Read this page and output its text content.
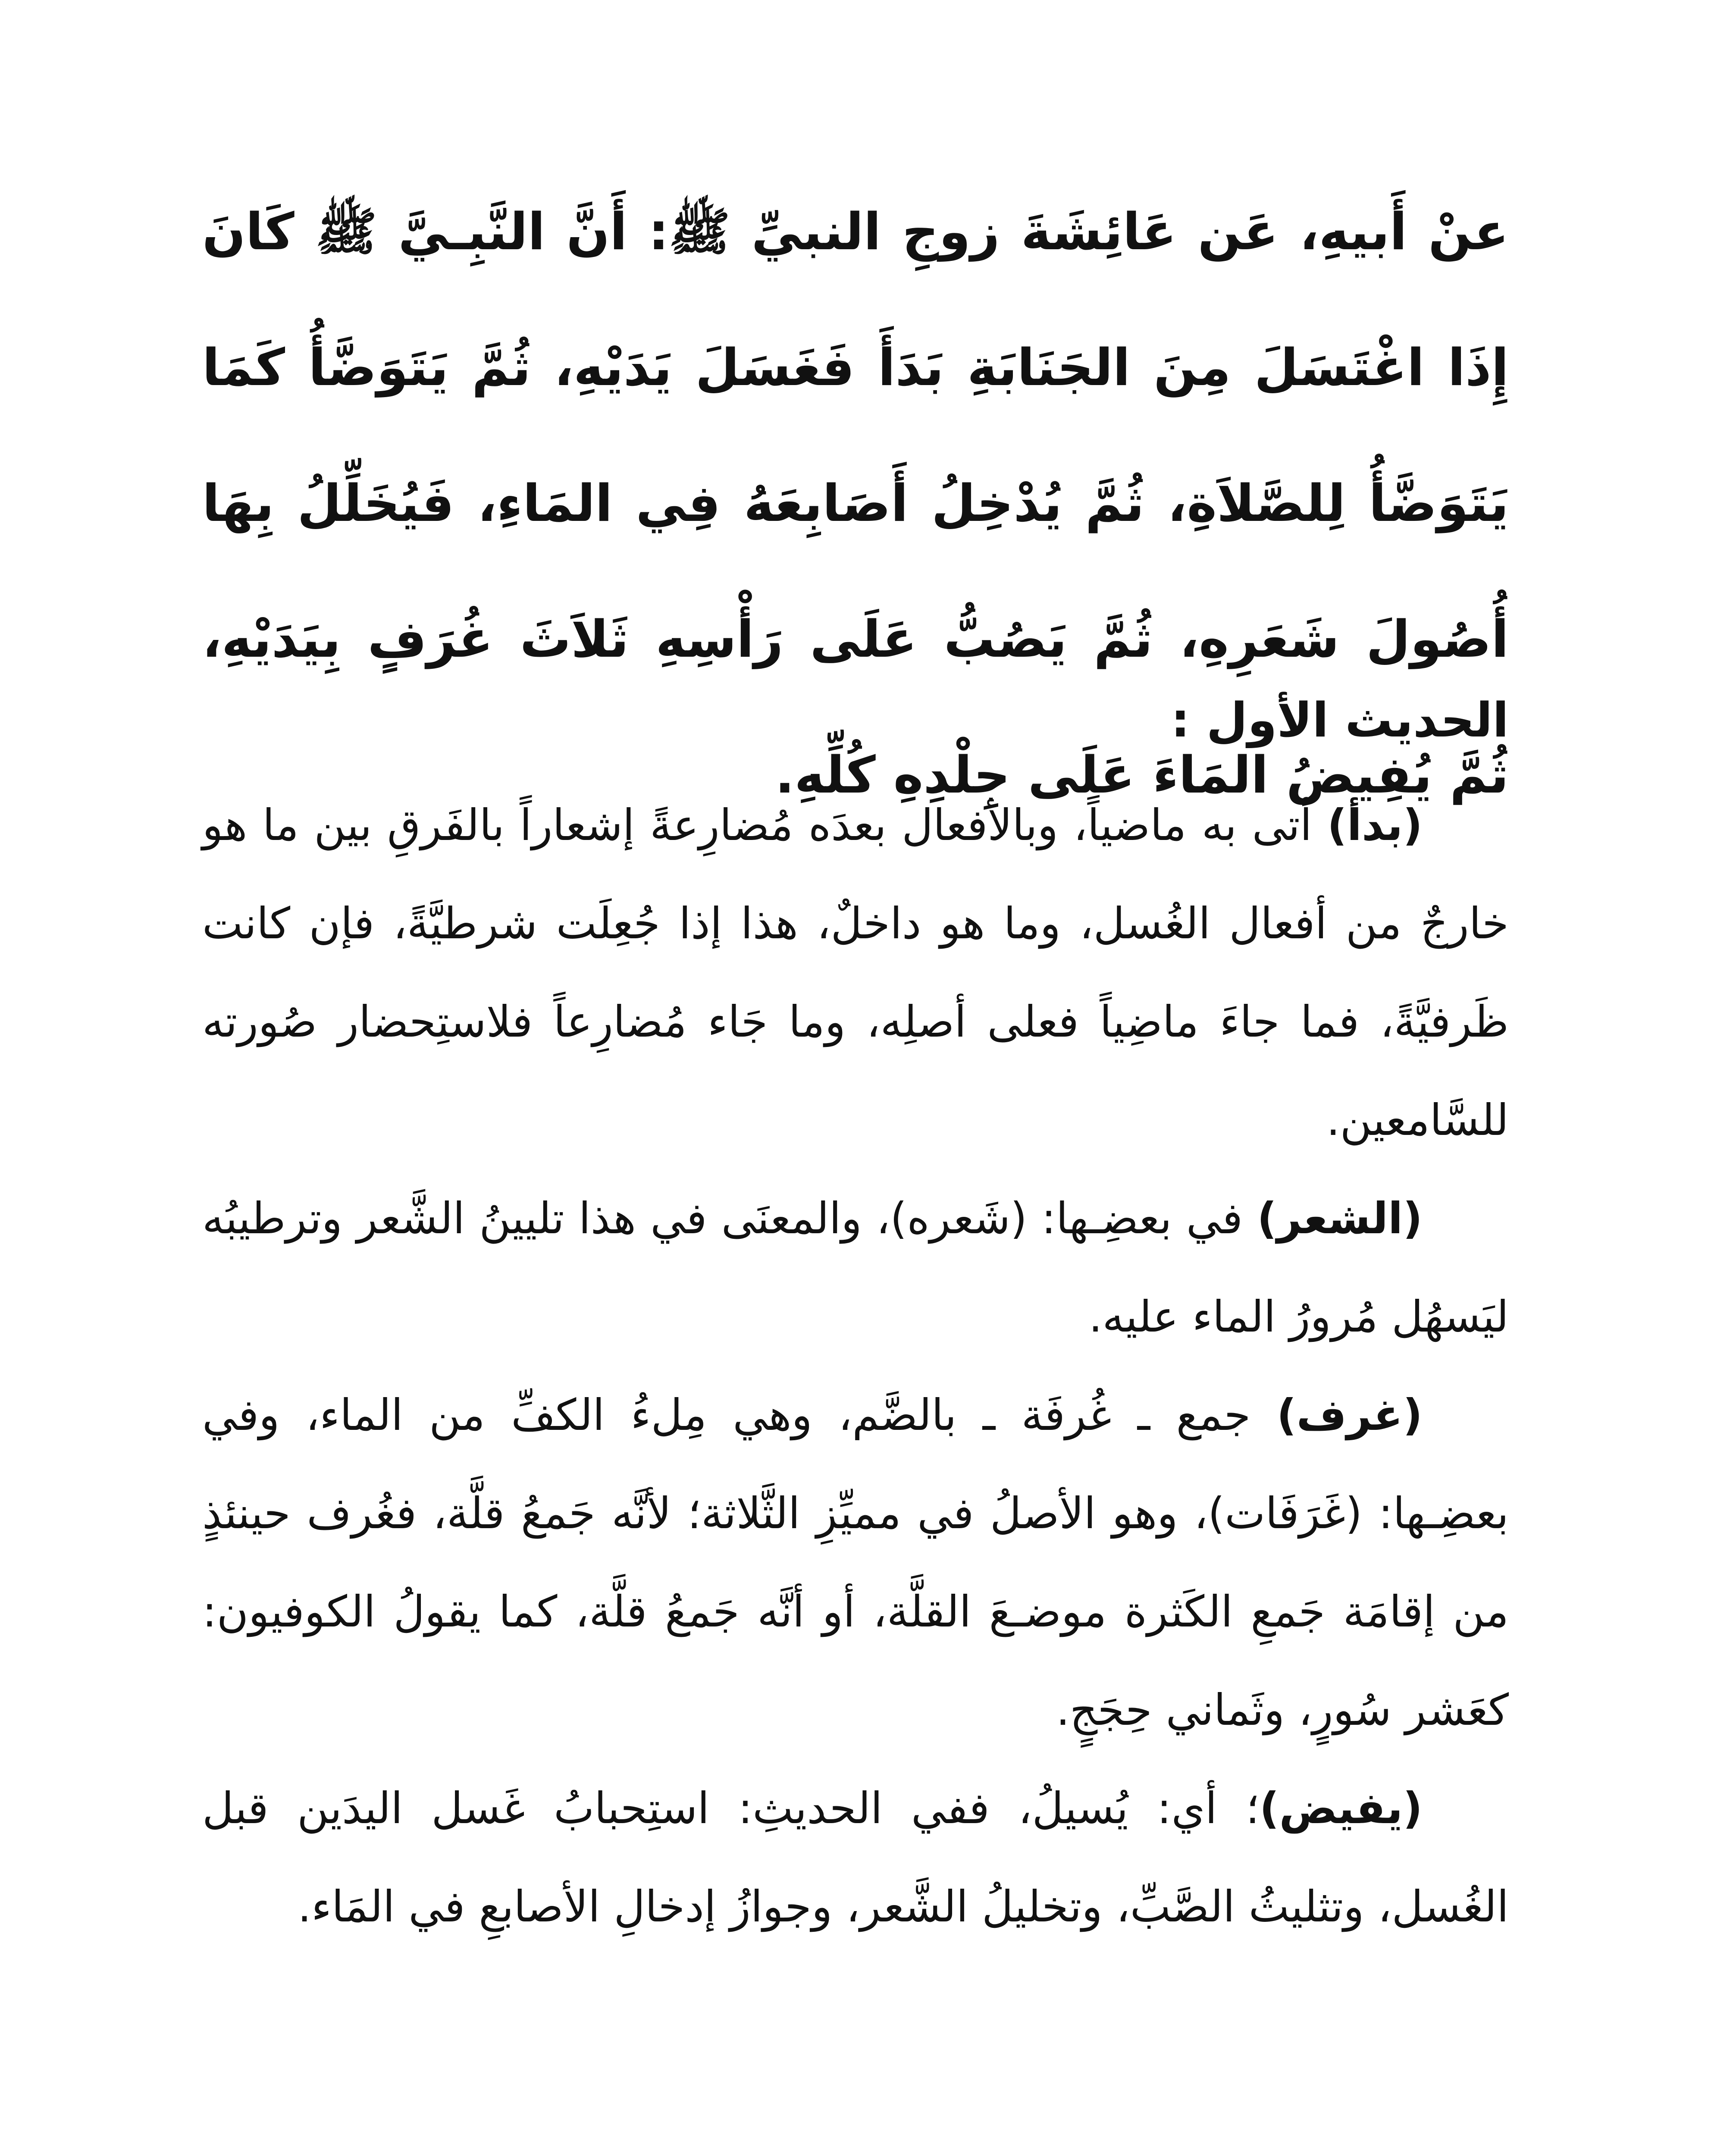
عنْ أَبيهِ، عَن عَائِشَةَ زوجِ النبيِّ ﷺ: أَنَّ النَّبِـيَّ ﷺ كَانَ إِذَا اغْتَسَلَ مِنَ الجَنَابَةِ بَدَأَ فَغَسَلَ يَدَيْهِ، ثُمَّ يَتَوَضَّأُ كَمَا يَتَوَضَّأُ لِلصَّلاَةِ، ثُمَّ يُدْخِلُ أَصَابِعَهُ فِي المَاءِ، فَيُخَلِّلُ بِهَا أُصُولَ شَعَرِهِ، ثُمَّ يَصُبُّ عَلَى رَأْسِهِ ثَلاَثَ غُرَفٍ بِيَدَيْهِ، ثُمَّ يُفِيضُ المَاءَ عَلَى جِلْدِهِ كُلِّهِ.

الحديث الأول :

(بدأ) أتى به ماضياً، وبالأفعال بعدَه مُضارِعةً إشعاراً بالفَرقِ بين ما هو خارجٌ من أفعال الغُسل، وما هو داخلٌ، هذا إذا جُعِلَت شرطيَّةً، فإن كانت ظَرفيَّةً، فما جاءَ ماضِياً فعلى أصلِه، وما جَاء مُضارِعاً فلاستِحضار صُورته للسَّامعين.

(الشعر) في بعضِـها: (شَعره)، والمعنَى في هذا تليينُ الشَّعر وترطيبُه ليَسهُل مُرورُ الماء عليه.

(غرف) جمع ـ غُرفَة ـ بالضَّم، وهي مِلءُ الكفِّ من الماء، وفي بعضِـها: (غَرَفَات)، وهو الأصلُ في مميِّزِ الثَّلاثة؛ لأنَّه جَمعُ قلَّة، فغُرف حينئذٍ من إقامَة جَمعِ الكَثرة موضـعَ القلَّة، أو أنَّه جَمعُ قلَّة، كما يقولُ الكوفيون: كعَشر سُورٍ، وثَماني حِجَجٍ.

(يفيض)؛ أي: يُسيلُ، ففي الحديثِ: استِحبابُ غَسل اليدَين قبل الغُسل، وتثليثُ الصَّبِّ، وتخليلُ الشَّعر، وجوازُ إدخالِ الأصابعِ في المَاء.
